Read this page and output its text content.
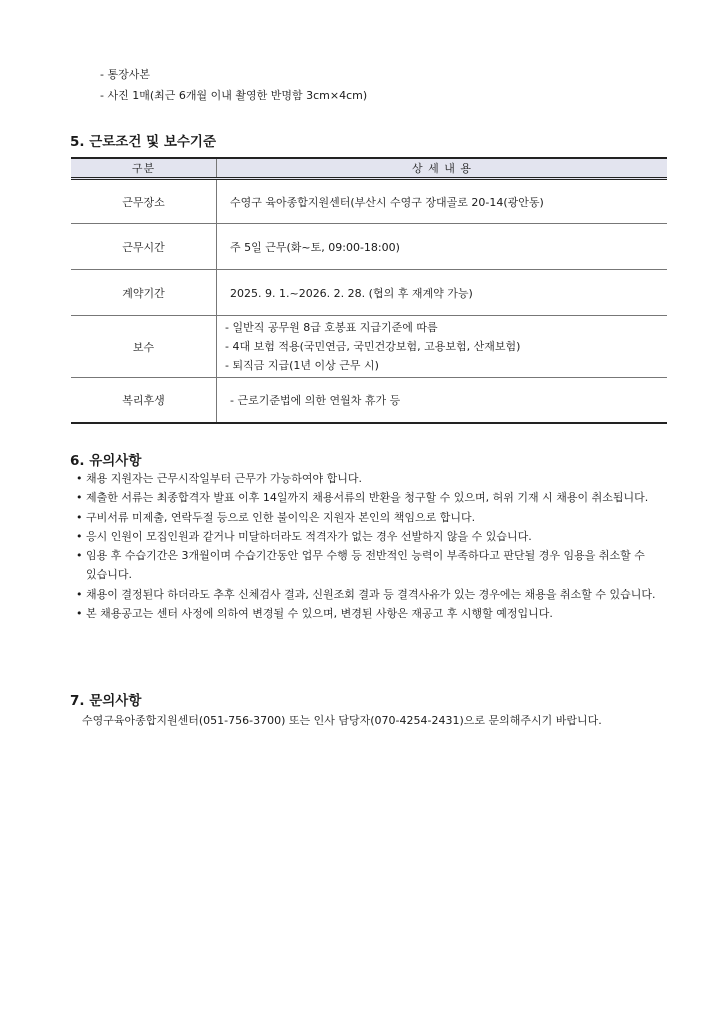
- 통장사본
- 사진 1매(최근 6개월 이내 촬영한 반명함 3cm×4cm)
5. 근로조건 및 보수기준
구분	상 세 내 용
근무장소	수영구 육아종합지원센터(부산시 수영구 장대골로 20-14(광안동)
근무시간	주 5일 근무(화~토, 09:00-18:00)
계약기간	2025. 9. 1.~2026. 2. 28. (협의 후 재계약 가능)
보수	- 일반직 공무원 8급 호봉표 지급기준에 따름
- 4대 보험 적용(국민연금, 국민건강보험, 고용보험, 산재보험)
- 퇴직금 지급(1년 이상 근무 시)

복리후생	- 근로기준법에 의한 연월차 휴가 등
6. 유의사항
• 채용 지원자는 근무시작일부터 근무가 가능하여야 합니다.
• 제출한 서류는 최종합격자 발표 이후 14일까지 채용서류의 반환을 청구할 수 있으며, 허위 기재 시 채용이 취소됩니다.
• 구비서류 미제출, 연락두절 등으로 인한 불이익은 지원자 본인의 책임으로 합니다.
• 응시 인원이 모집인원과 같거나 미달하더라도 적격자가 없는 경우 선발하지 않을 수 있습니다.
• 임용 후 수습기간은 3개월이며 수습기간동안 업무 수행 등 전반적인 능력이 부족하다고 판단될 경우 임용을 취소할 수 있습니다.
• 채용이 결정된다 하더라도 추후 신체검사 결과, 신원조회 결과 등 결격사유가 있는 경우에는 채용을 취소할 수 있습니다.
• 본 채용공고는 센터 사정에 의하여 변경될 수 있으며, 변경된 사항은 재공고 후 시행할 예정입니다.
7. 문의사항
수영구육아종합지원센터(051-756-3700) 또는 인사 담당자(070-4254-2431)으로 문의해주시기 바랍니다.
